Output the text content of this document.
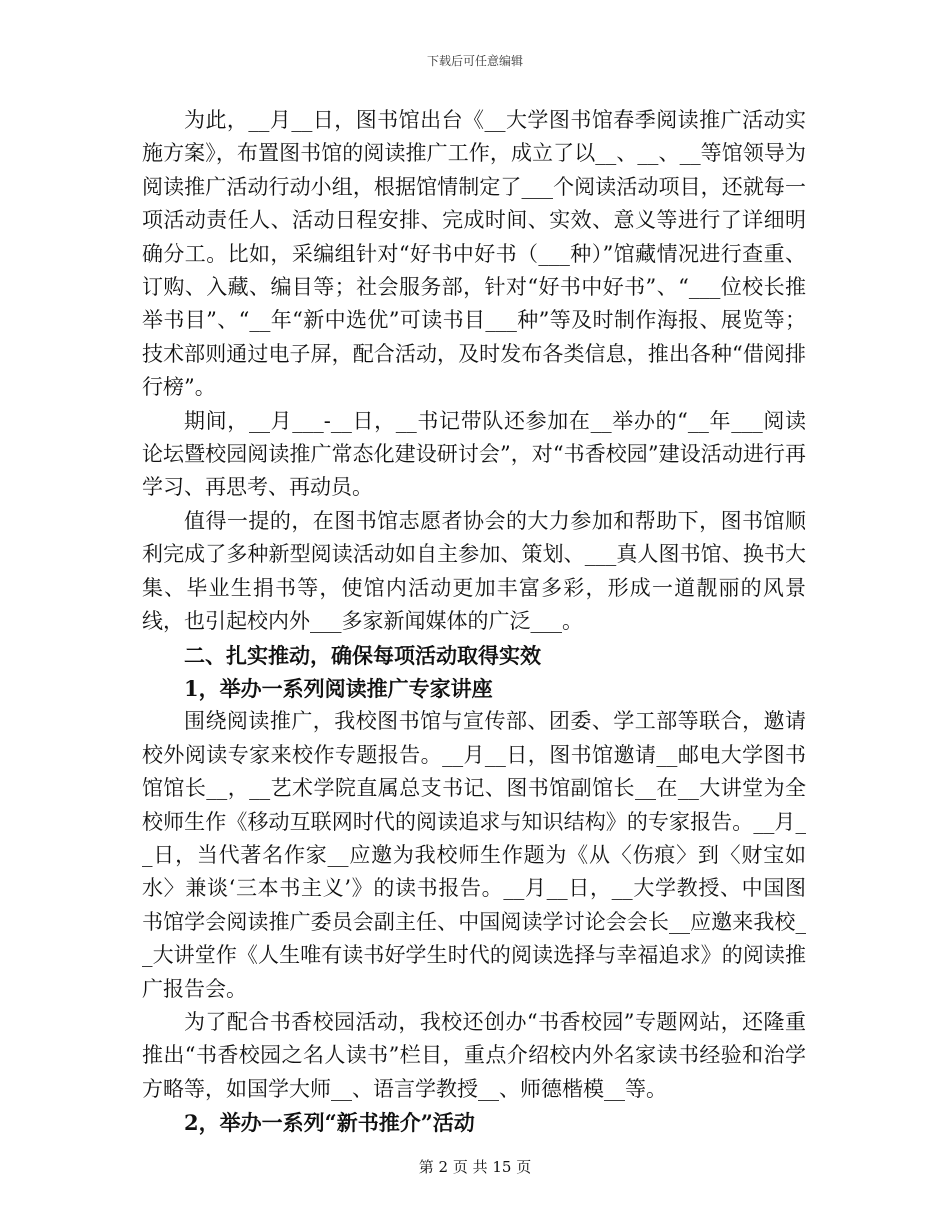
下载后可任意编辑

为此，__月__日，图书馆出台《__大学图书馆春季阅读推广活动实施方案》，布置图书馆的阅读推广工作，成立了以__、__、__等馆领导为阅读推广活动行动小组，根据馆情制定了___个阅读活动项目，还就每一项活动责任人、活动日程安排、完成时间、实效、意义等进行了详细明确分工。比如，采编组针对“好书中好书（___种）”馆藏情况进行查重、订购、入藏、编目等；社会服务部，针对“好书中好书”、“___位校长推举书目”、“__年“新中选优”可读书目___种”等及时制作海报、展览等；技术部则通过电子屏，配合活动，及时发布各类信息，推出各种“借阅排行榜”。

期间，__月___-__日，__书记带队还参加在__举办的“__年___阅读论坛暨校园阅读推广常态化建设研讨会”，对“书香校园”建设活动进行再学习、再思考、再动员。

值得一提的，在图书馆志愿者协会的大力参加和帮助下，图书馆顺利完成了多种新型阅读活动如自主参加、策划、___真人图书馆、换书大集、毕业生捐书等，使馆内活动更加丰富多彩，形成一道靓丽的风景线，也引起校内外___多家新闻媒体的广泛___。

二、扎实推动，确保每项活动取得实效

1，举办一系列阅读推广专家讲座

围绕阅读推广，我校图书馆与宣传部、团委、学工部等联合，邀请校外阅读专家来校作专题报告。__月__日，图书馆邀请__邮电大学图书馆馆长__，__艺术学院直属总支书记、图书馆副馆长__在__大讲堂为全校师生作《移动互联网时代的阅读追求与知识结构》的专家报告。__月__日，当代著名作家__应邀为我校师生作题为《从〈伤痕〉到〈财宝如水〉兼谈‘三本书主义’》的读书报告。__月__日，__大学教授、中国图书馆学会阅读推广委员会副主任、中国阅读学讨论会会长__应邀来我校__大讲堂作《人生唯有读书好学生时代的阅读选择与幸福追求》的阅读推广报告会。

为了配合书香校园活动，我校还创办“书香校园”专题网站，还隆重推出“书香校园之名人读书”栏目，重点介绍校内外名家读书经验和治学方略等，如国学大师__、语言学教授__、师德楷模__等。

2，举办一系列“新书推介”活动

第 2 页 共 15 页
